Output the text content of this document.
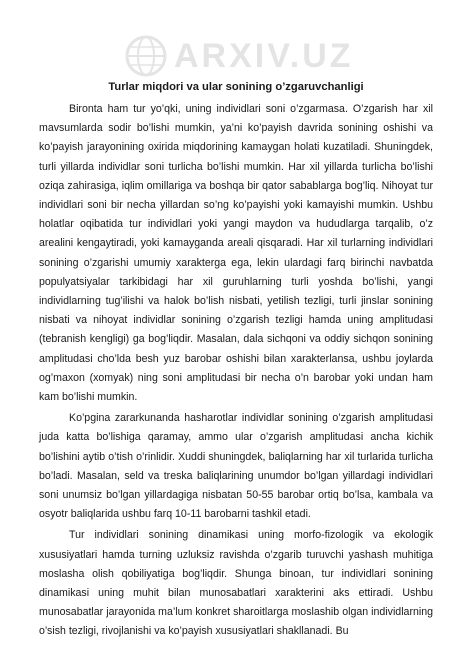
ARXIV.UZ
Turlar miqdori va ular sonining o’zgaruvchanligi

Bironta ham tur yo’qki, uning individlari soni o’zgarmasa. O’zgarish har xil mavsumlarda sodir bo’lishi mumkin, ya’ni ko’payish davrida sonining oshishi va ko’payish jarayonining oxirida miqdorining kamaygan holati kuzatiladi. Shuningdek, turli yillarda individlar soni turlicha bo’lishi mumkin. Har xil yillarda turlicha bo’lishi oziqa zahirasiga, iqlim omillariga va boshqa bir qator sabablarga bog’liq. Nihoyat tur individlari soni bir necha yillardan so’ng ko’payishi yoki kamayishi mumkin. Ushbu holatlar oqibatida tur individlari yoki yangi maydon va hududlarga tarqalib, o’z arealini kengaytiradi, yoki kamayganda areali qisqaradi. Har xil turlarning individlari sonining o’zgarishi umumiy xarakterga ega, lekin ulardagi farq birinchi navbatda populyatsiyalar tarkibidagi har xil guruhlarning turli yoshda bo’lishi, yangi individlarning tug’ilishi va halok bo’lish nisbati, yetilish tezligi, turli jinslar sonining nisbati va nihoyat individlar sonining o’zgarish tezligi hamda uning amplitudasi (tebranish kengligi) ga bog’liqdir. Masalan, dala sichqoni va oddiy sichqon sonining amplitudasi cho’lda besh yuz barobar oshishi bilan xarakterlansa, ushbu joylarda og’maxon (xomyak) ning soni amplitudasi bir necha o’n barobar yoki undan ham kam bo’lishi mumkin.

Ko’pgina zararkunanda hasharotlar individlar sonining o’zgarish amplitudasi juda katta bo’lishiga qaramay, ammo ular o’zgarish amplitudasi ancha kichik bo’lishini aytib o’tish o’rinlidir. Xuddi shuningdek, baliqlarning har xil turlarida turlicha bo’ladi. Masalan, seld va treska baliqlarining unumdor bo’lgan yillardagi individlari soni unumsiz bo’lgan yillardagiga nisbatan 50-55 barobar ortiq bo’lsa, kambala va osyotr baliqlarida ushbu farq 10-11 barobarni tashkil etadi.

Tur individlari sonining dinamikasi uning morfo-fizologik va ekologik xususiyatlari hamda turning uzluksiz ravishda o’zgarib turuvchi yashash muhitiga moslasha olish qobiliyatiga bog’liqdir. Shunga binoan, tur individlari sonining dinamikasi uning muhit bilan munosabatlari xarakterini aks ettiradi. Ushbu munosabatlar jarayonida ma’lum konkret sharoitlarga moslashib olgan individlarning o’sish tezligi, rivojlanishi va ko’payish xususiyatlari shakllanadi. Bu
